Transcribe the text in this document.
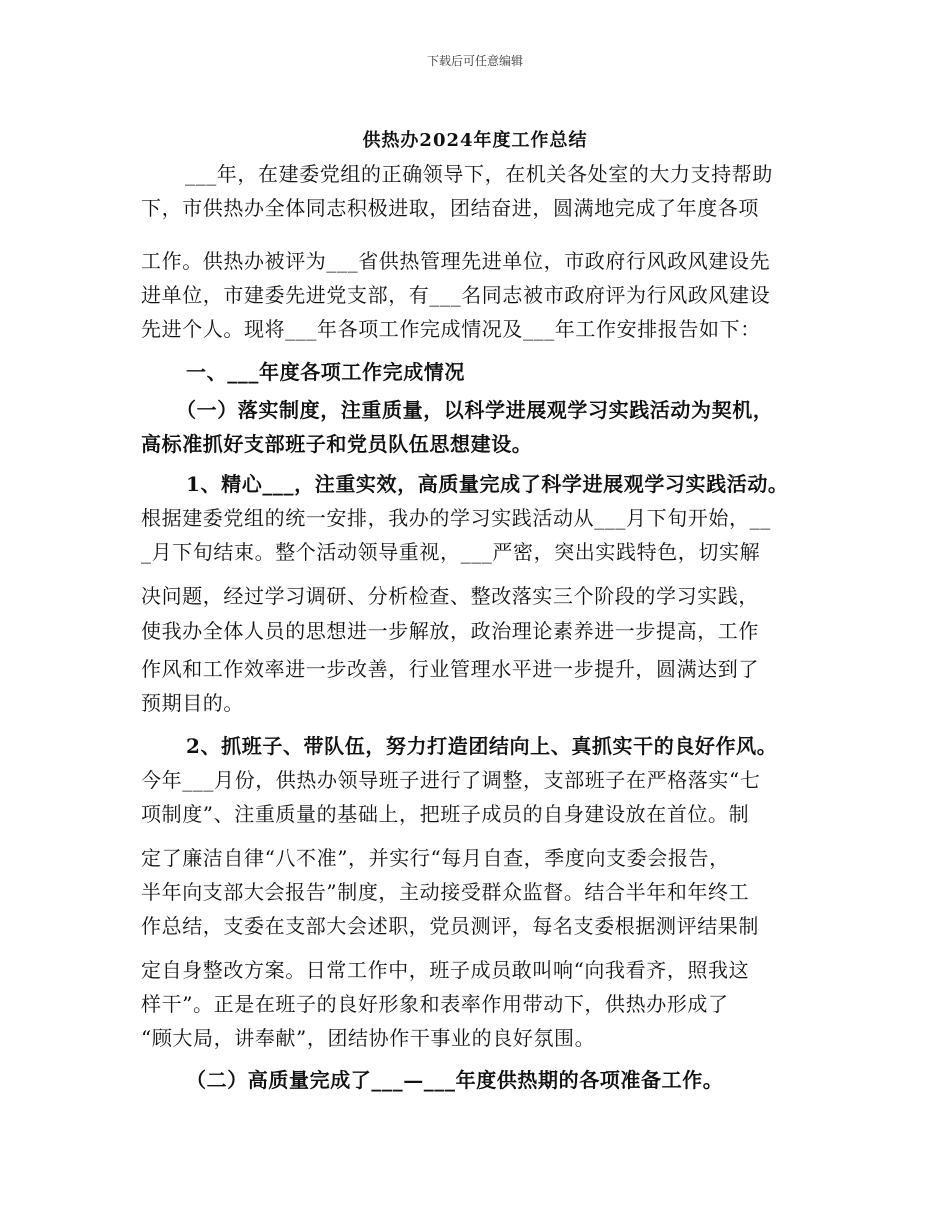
下载后可任意编辑
供热办2024年度工作总结
___年，在建委党组的正确领导下，在机关各处室的大力支持帮助
下，市供热办全体同志积极进取，团结奋进，圆满地完成了年度各项
工作。供热办被评为___省供热管理先进单位，市政府行风政风建设先
进单位，市建委先进党支部，有___名同志被市政府评为行风政风建设
先进个人。现将___年各项工作完成情况及___年工作安排报告如下：
一、___年度各项工作完成情况
（一）落实制度，注重质量，以科学进展观学习实践活动为契机，
高标准抓好支部班子和党员队伍思想建设。
1、精心___，注重实效，高质量完成了科学进展观学习实践活动。
根据建委党组的统一安排，我办的学习实践活动从___月下旬开始，__
_月下旬结束。整个活动领导重视，___严密，突出实践特色，切实解
决问题，经过学习调研、分析检查、整改落实三个阶段的学习实践，
使我办全体人员的思想进一步解放，政治理论素养进一步提高，工作
作风和工作效率进一步改善，行业管理水平进一步提升，圆满达到了
预期目的。
2、抓班子、带队伍，努力打造团结向上、真抓实干的良好作风。
今年___月份，供热办领导班子进行了调整，支部班子在严格落实“七
项制度”、注重质量的基础上，把班子成员的自身建设放在首位。制
定了廉洁自律“八不准”，并实行“每月自查，季度向支委会报告，
半年向支部大会报告”制度，主动接受群众监督。结合半年和年终工
作总结，支委在支部大会述职，党员测评，每名支委根据测评结果制
定自身整改方案。日常工作中，班子成员敢叫响“向我看齐，照我这
样干”。正是在班子的良好形象和表率作用带动下，供热办形成了
“顾大局，讲奉献”，团结协作干事业的良好氛围。
（二）高质量完成了___—___年度供热期的各项准备工作。
